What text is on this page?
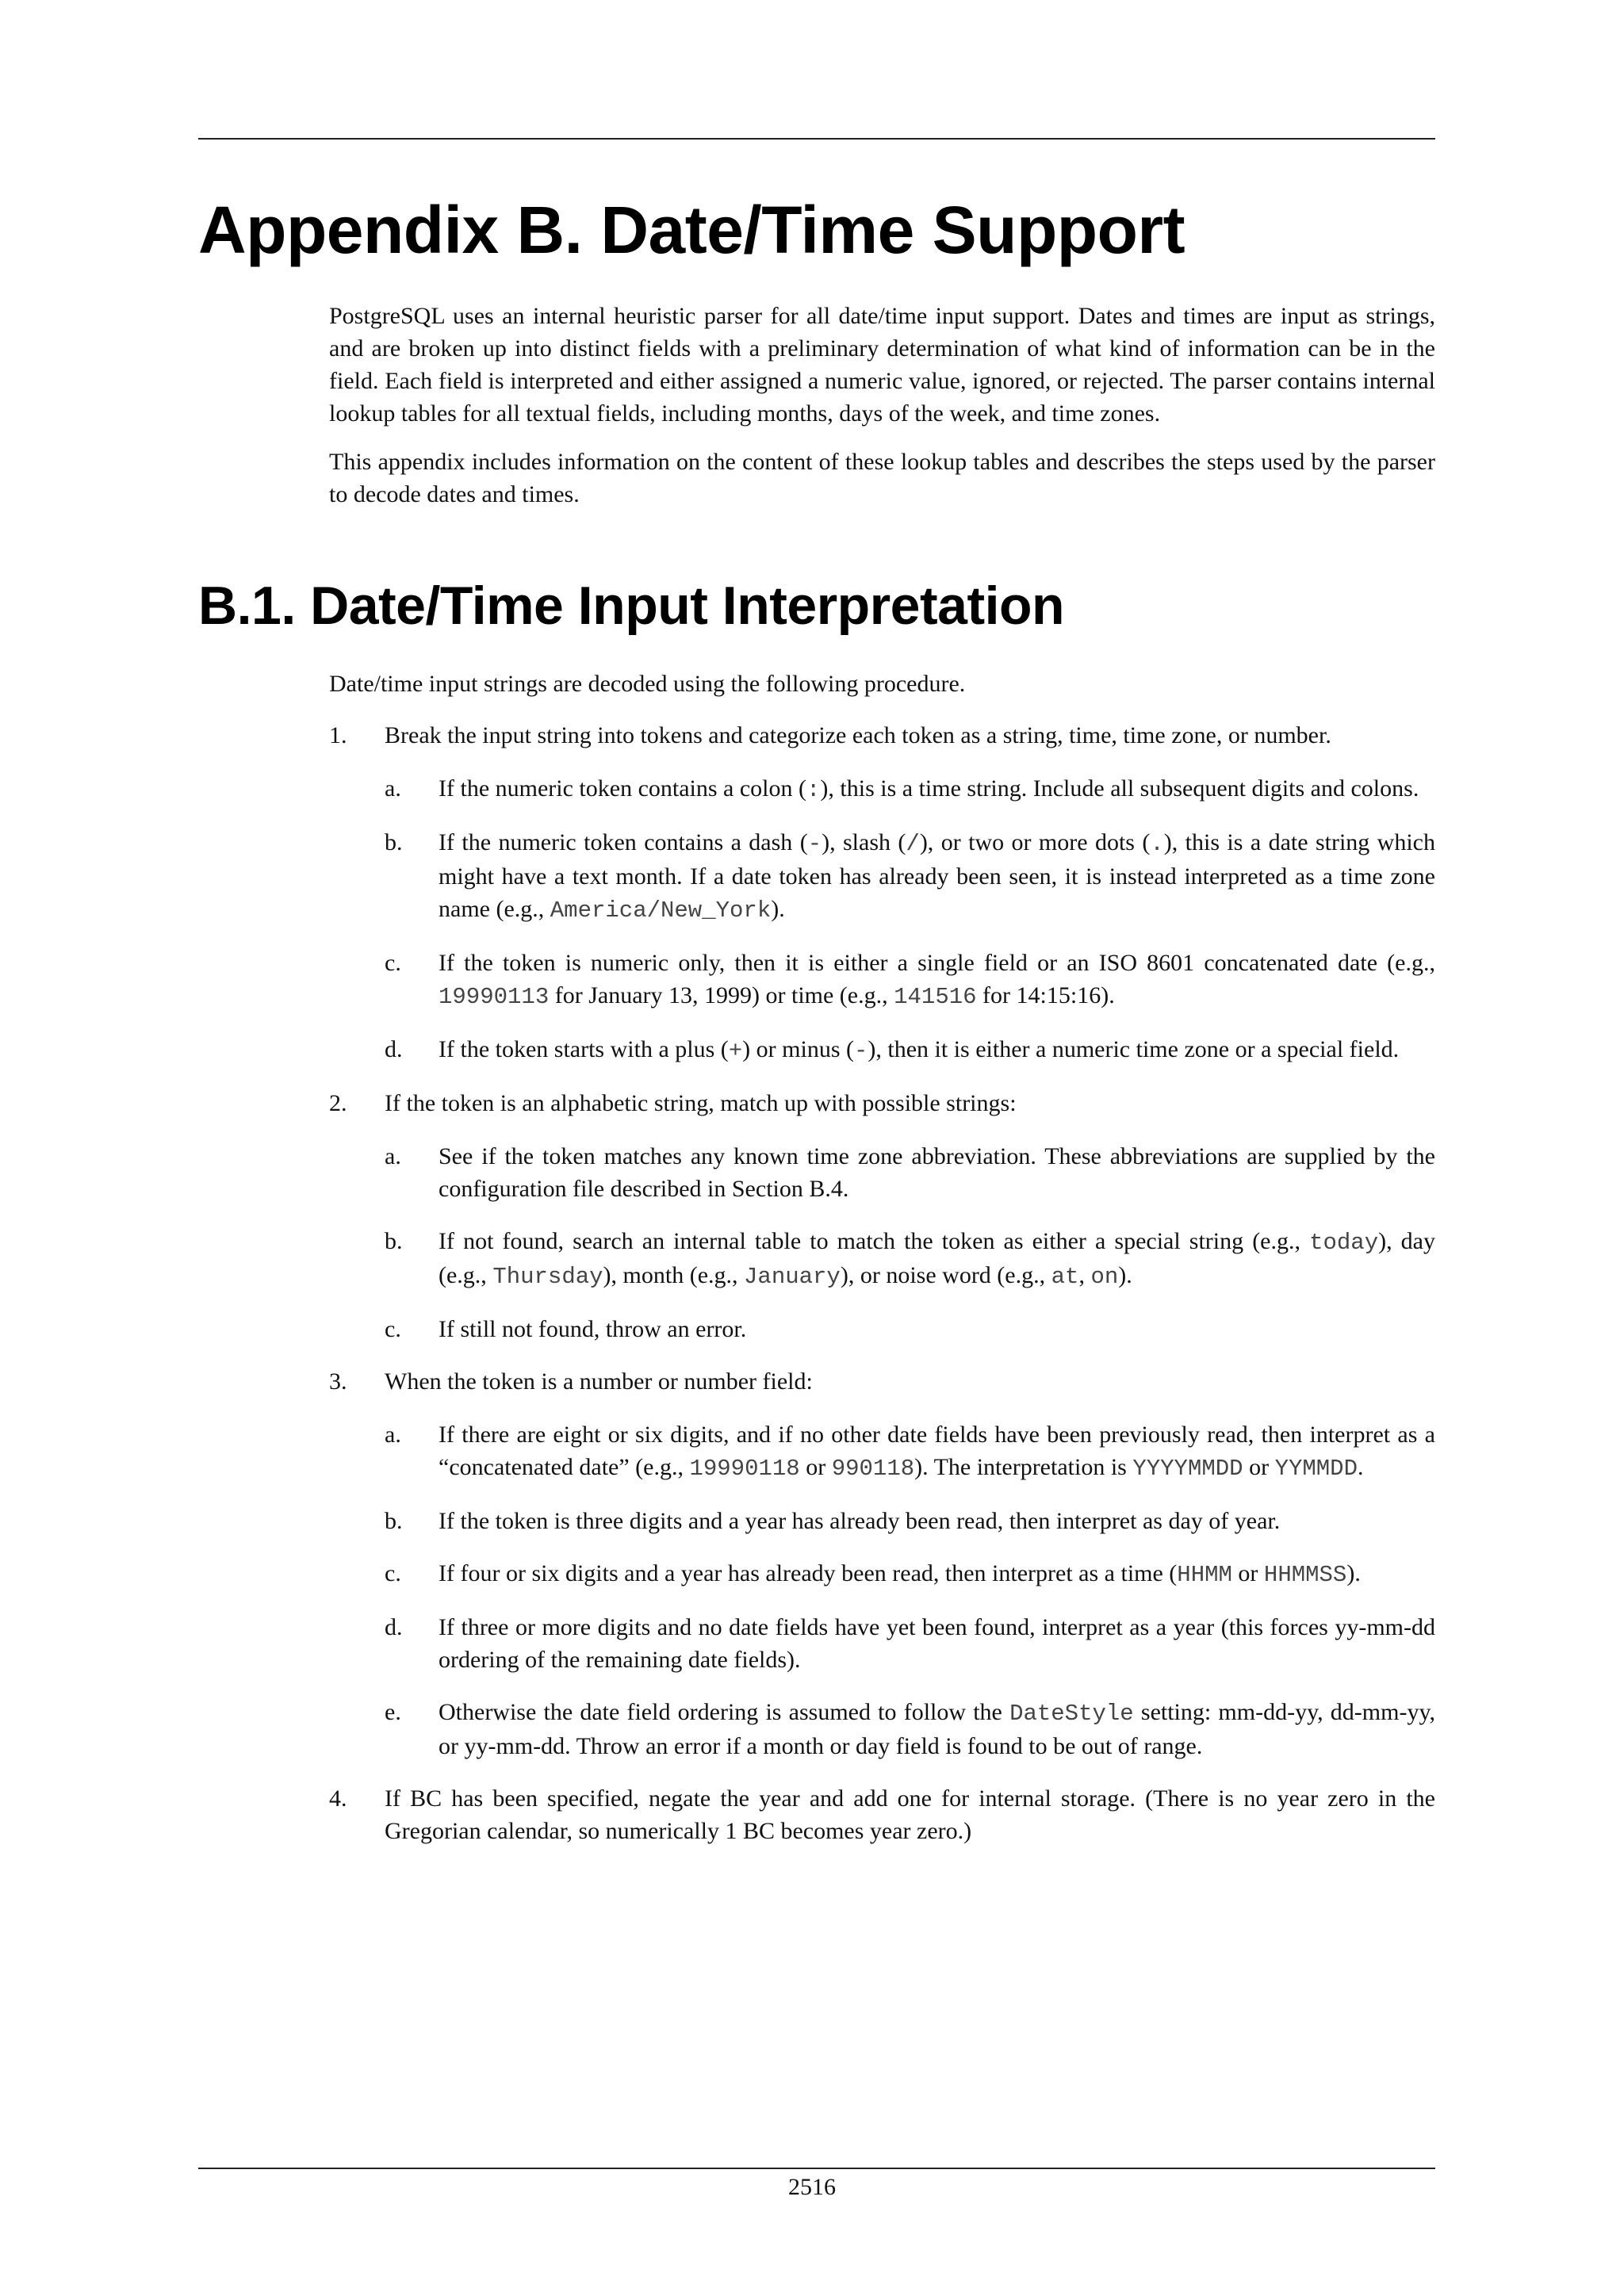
Appendix B. Date/Time Support

PostgreSQL uses an internal heuristic parser for all date/time input support. Dates and times are input as strings, and are broken up into distinct fields with a preliminary determination of what kind of information can be in the field. Each field is interpreted and either assigned a numeric value, ignored, or rejected. The parser contains internal lookup tables for all textual fields, including months, days of the week, and time zones.

This appendix includes information on the content of these lookup tables and describes the steps used by the parser to decode dates and times.

B.1. Date/Time Input Interpretation

Date/time input strings are decoded using the following procedure.

1. Break the input string into tokens and categorize each token as a string, time, time zone, or number.
a. If the numeric token contains a colon (:), this is a time string. Include all subsequent digits and colons.
b. If the numeric token contains a dash (-), slash (/), or two or more dots (.), this is a date string which might have a text month. If a date token has already been seen, it is instead interpreted as a time zone name (e.g., America/New_York).
c. If the token is numeric only, then it is either a single field or an ISO 8601 concatenated date (e.g., 19990113 for January 13, 1999) or time (e.g., 141516 for 14:15:16).
d. If the token starts with a plus (+) or minus (-), then it is either a numeric time zone or a special field.
2. If the token is an alphabetic string, match up with possible strings:
a. See if the token matches any known time zone abbreviation. These abbreviations are supplied by the configuration file described in Section B.4.
b. If not found, search an internal table to match the token as either a special string (e.g., today), day (e.g., Thursday), month (e.g., January), or noise word (e.g., at, on).
c. If still not found, throw an error.
3. When the token is a number or number field:
a. If there are eight or six digits, and if no other date fields have been previously read, then interpret as a “concatenated date” (e.g., 19990118 or 990118). The interpretation is YYYYMMDD or YYMMDD.
b. If the token is three digits and a year has already been read, then interpret as day of year.
c. If four or six digits and a year has already been read, then interpret as a time (HHMM or HHMMSS).
d. If three or more digits and no date fields have yet been found, interpret as a year (this forces yy-mm-dd ordering of the remaining date fields).
e. Otherwise the date field ordering is assumed to follow the DateStyle setting: mm-dd-yy, dd-mm-yy, or yy-mm-dd. Throw an error if a month or day field is found to be out of range.
4. If BC has been specified, negate the year and add one for internal storage. (There is no year zero in the Gregorian calendar, so numerically 1 BC becomes year zero.)
2516
